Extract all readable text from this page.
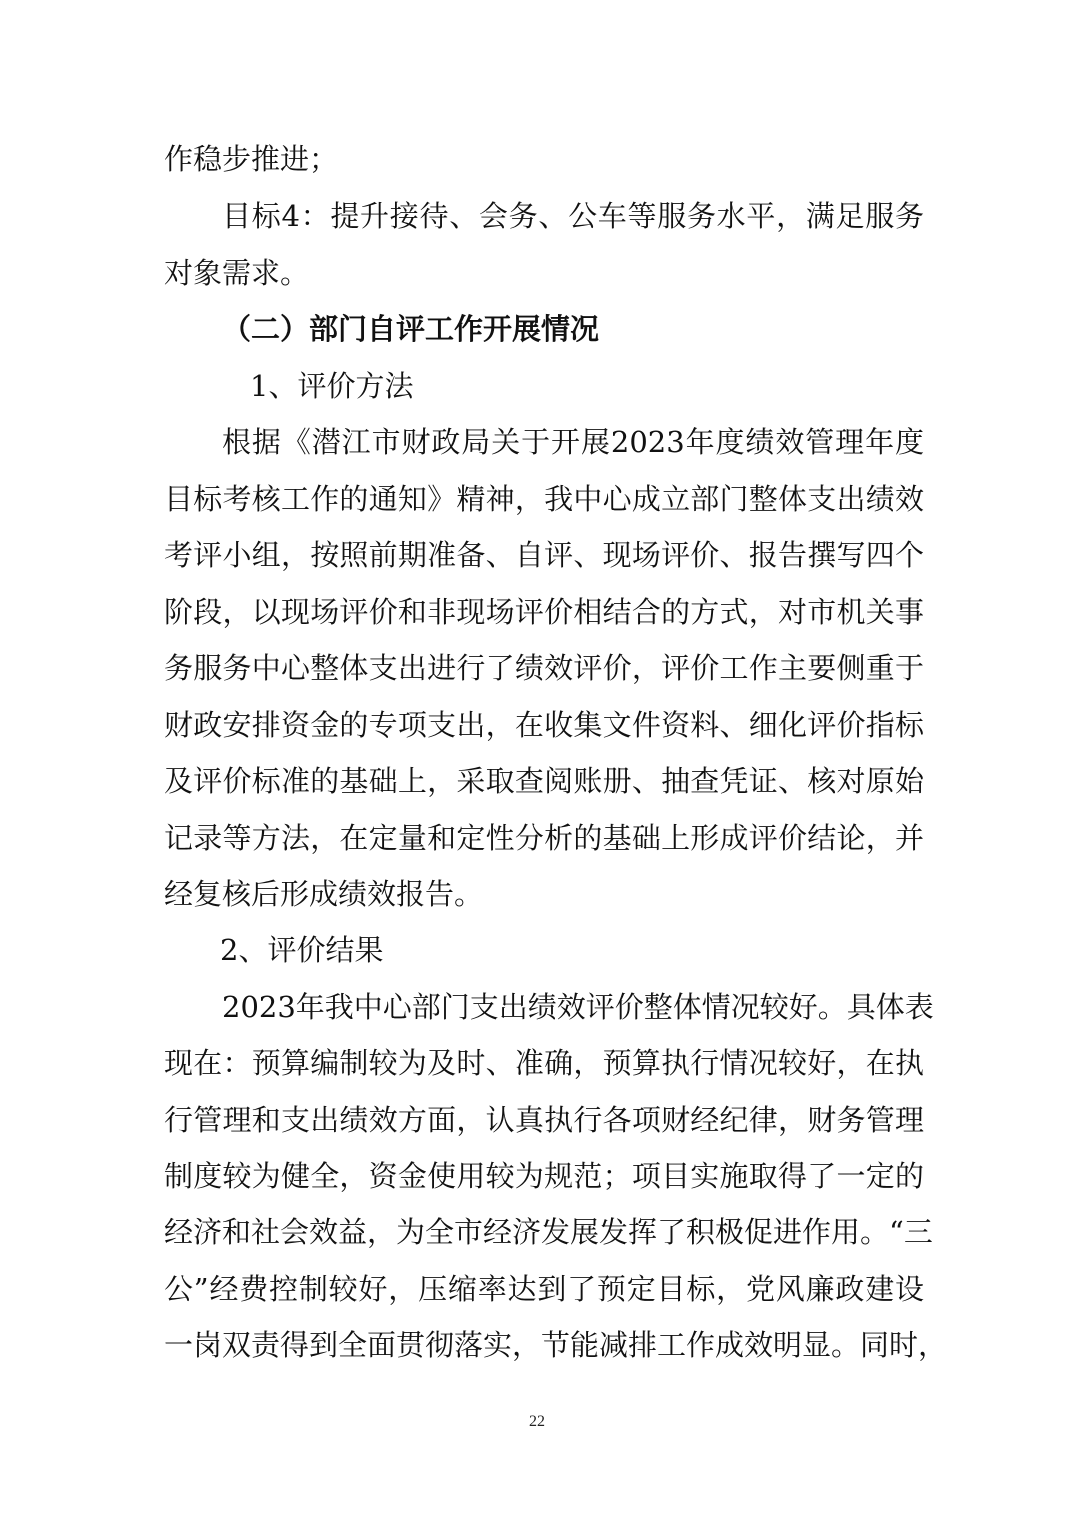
作稳步推进；
目标4：提升接待、会务、公车等服务水平，满足服务
对象需求。
（二）部门自评工作开展情况
1、评价方法
根据《潜江市财政局关于开展2023年度绩效管理年度
目标考核工作的通知》精神，我中心成立部门整体支出绩效
考评小组，按照前期准备、自评、现场评价、报告撰写四个
阶段，以现场评价和非现场评价相结合的方式，对市机关事
务服务中心整体支出进行了绩效评价，评价工作主要侧重于
财政安排资金的专项支出，在收集文件资料、细化评价指标
及评价标准的基础上，采取查阅账册、抽查凭证、核对原始
记录等方法，在定量和定性分析的基础上形成评价结论，并
经复核后形成绩效报告。
2、评价结果
2023年我中心部门支出绩效评价整体情况较好。具体表
现在：预算编制较为及时、准确，预算执行情况较好，在执
行管理和支出绩效方面，认真执行各项财经纪律，财务管理
制度较为健全，资金使用较为规范；项目实施取得了一定的
经济和社会效益，为全市经济发展发挥了积极促进作用。“三
公”经费控制较好，压缩率达到了预定目标，党风廉政建设
一岗双责得到全面贯彻落实，节能减排工作成效明显。同时，
22
